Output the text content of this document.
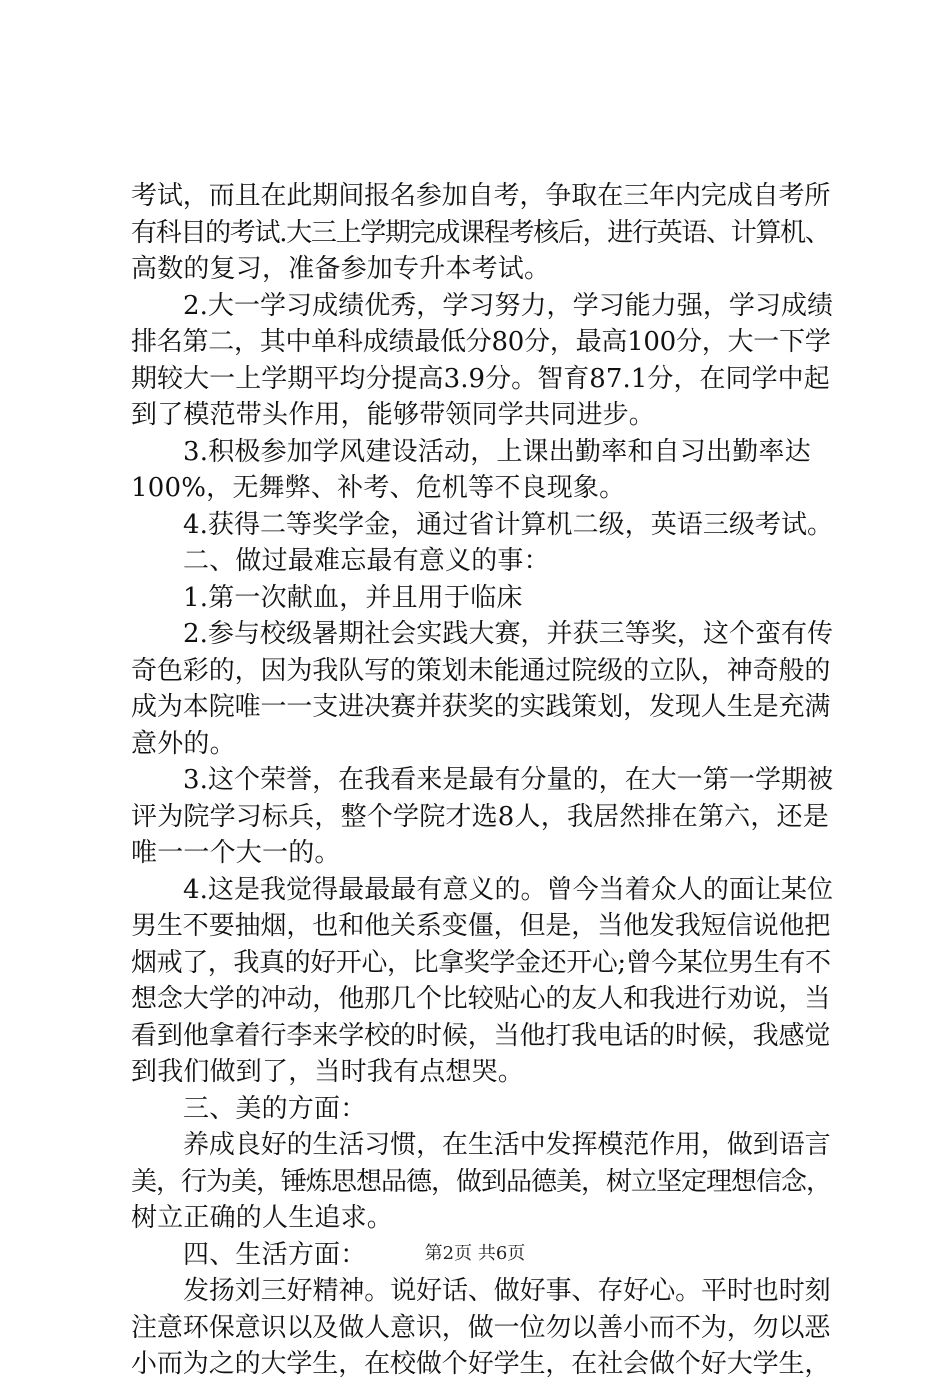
考试，而且在此期间报名参加自考，争取在三年内完成自考所
有科目的考试.大三上学期完成课程考核后，进行英语、计算机、
高数的复习，准备参加专升本考试。
2.大一学习成绩优秀，学习努力，学习能力强，学习成绩
排名第二，其中单科成绩最低分80分，最高100分，大一下学
期较大一上学期平均分提高3.9分。智育87.1分，在同学中起
到了模范带头作用，能够带领同学共同进步。
3.积极参加学风建设活动，上课出勤率和自习出勤率达
100%，无舞弊、补考、危机等不良现象。
4.获得二等奖学金，通过省计算机二级，英语三级考试。
二、做过最难忘最有意义的事：
1.第一次献血，并且用于临床
2.参与校级暑期社会实践大赛，并获三等奖，这个蛮有传
奇色彩的，因为我队写的策划未能通过院级的立队，神奇般的
成为本院唯一一支进决赛并获奖的实践策划，发现人生是充满
意外的。
3.这个荣誉，在我看来是最有分量的，在大一第一学期被
评为院学习标兵，整个学院才选8人，我居然排在第六，还是
唯一一个大一的。
4.这是我觉得最最最有意义的。曾今当着众人的面让某位
男生不要抽烟，也和他关系变僵，但是，当他发我短信说他把
烟戒了，我真的好开心，比拿奖学金还开心;曾今某位男生有不
想念大学的冲动，他那几个比较贴心的友人和我进行劝说，当
看到他拿着行李来学校的时候，当他打我电话的时候，我感觉
到我们做到了，当时我有点想哭。
三、美的方面：
养成良好的生活习惯，在生活中发挥模范作用，做到语言
美，行为美，锤炼思想品德，做到品德美，树立坚定理想信念，
树立正确的人生追求。
四、生活方面：
发扬刘三好精神。说好话、做好事、存好心。平时也时刻
注意环保意识以及做人意识，做一位勿以善小而不为，勿以恶
小而为之的大学生，在校做个好学生，在社会做个好大学生，
第2页 共6页
